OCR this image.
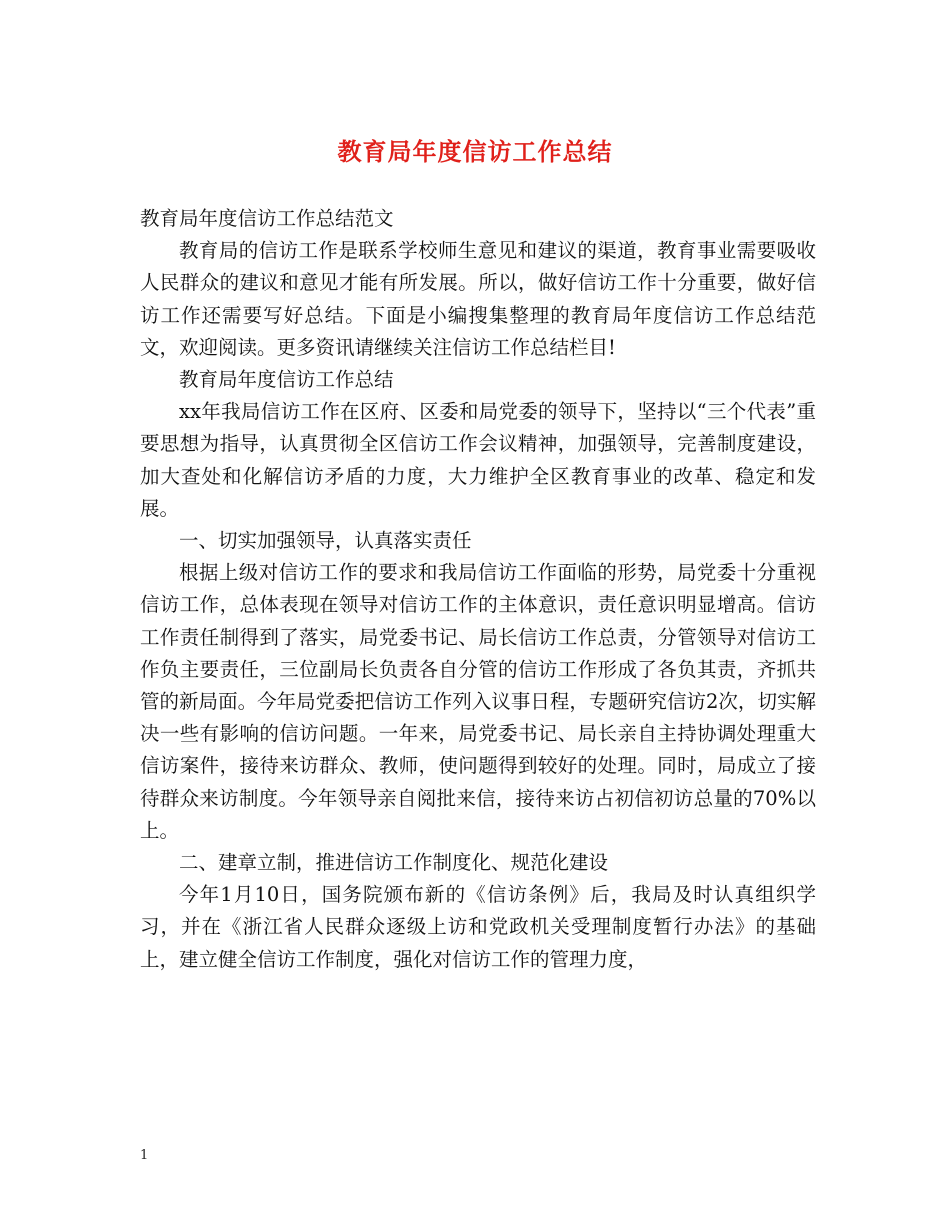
教育局年度信访工作总结

教育局年度信访工作总结范文

教育局的信访工作是联系学校师生意见和建议的渠道，教育事业需要吸收人民群众的建议和意见才能有所发展。所以，做好信访工作十分重要，做好信访工作还需要写好总结。下面是小编搜集整理的教育局年度信访工作总结范文，欢迎阅读。更多资讯请继续关注信访工作总结栏目!

教育局年度信访工作总结

xx年我局信访工作在区府、区委和局党委的领导下，坚持以“三个代表”重要思想为指导，认真贯彻全区信访工作会议精神，加强领导，完善制度建设，加大查处和化解信访矛盾的力度，大力维护全区教育事业的改革、稳定和发展。

一、切实加强领导，认真落实责任

根据上级对信访工作的要求和我局信访工作面临的形势，局党委十分重视信访工作，总体表现在领导对信访工作的主体意识，责任意识明显增高。信访工作责任制得到了落实，局党委书记、局长信访工作总责，分管领导对信访工作负主要责任，三位副局长负责各自分管的信访工作形成了各负其责，齐抓共管的新局面。今年局党委把信访工作列入议事日程，专题研究信访2次，切实解决一些有影响的信访问题。一年来，局党委书记、局长亲自主持协调处理重大信访案件，接待来访群众、教师，使问题得到较好的处理。同时，局成立了接待群众来访制度。今年领导亲自阅批来信，接待来访占初信初访总量的70%以上。

二、建章立制，推进信访工作制度化、规范化建设

今年1月10日，国务院颁布新的《信访条例》后，我局及时认真组织学习，并在《浙江省人民群众逐级上访和党政机关受理制度暂行办法》的基础上，建立健全信访工作制度，强化对信访工作的管理力度，

1
